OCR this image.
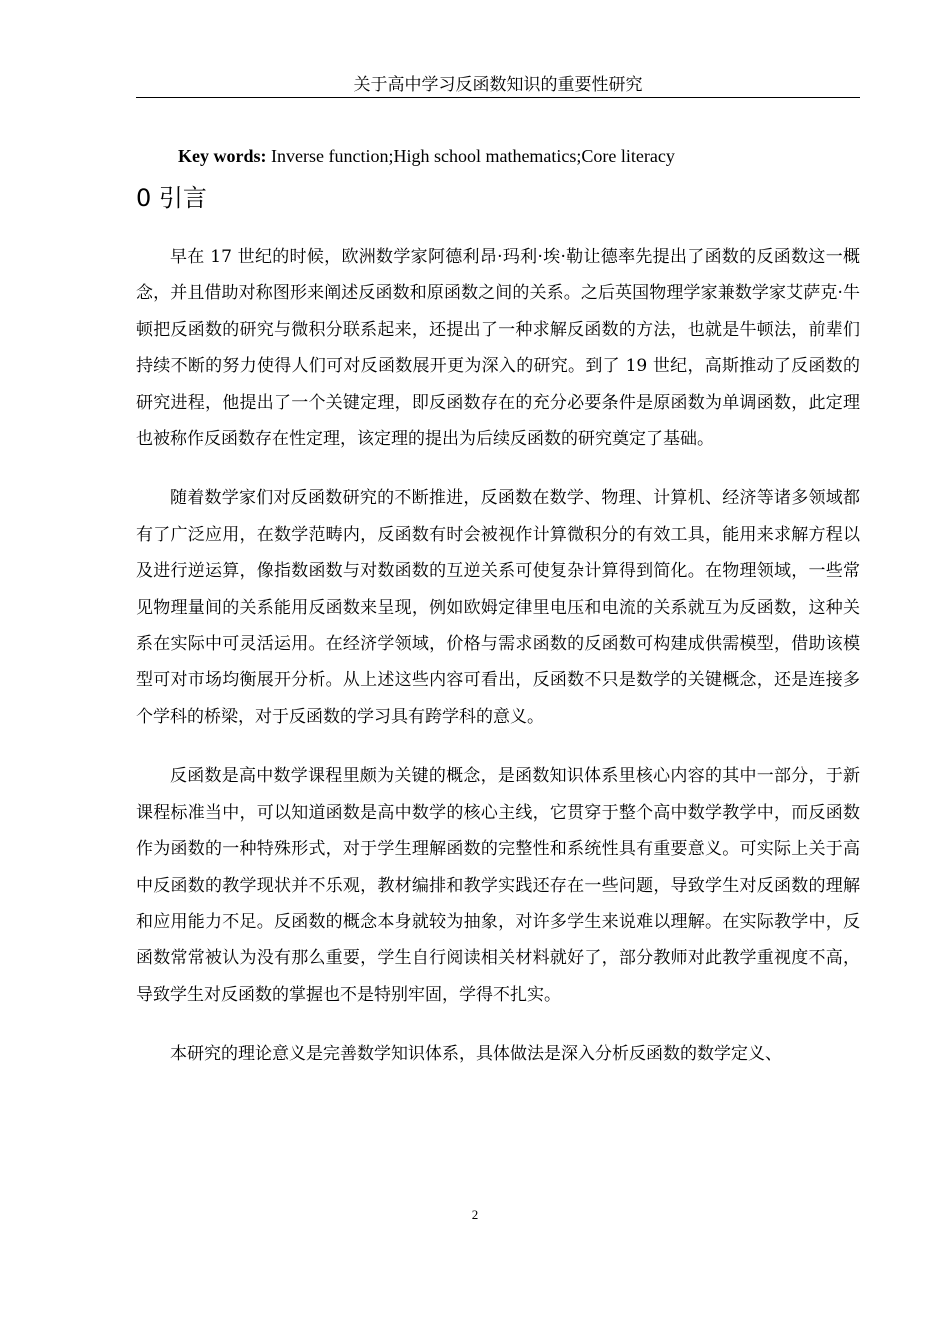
关于高中学习反函数知识的重要性研究
Key words: Inverse function;High school mathematics;Core literacy
0 引言

早在 17 世纪的时候，欧洲数学家阿德利昂·玛利·埃·勒让德率先提出了函数的反函数这一概念，并且借助对称图形来阐述反函数和原函数之间的关系。之后英国物理学家兼数学家艾萨克·牛顿把反函数的研究与微积分联系起来，还提出了一种求解反函数的方法，也就是牛顿法，前辈们持续不断的努力使得人们可对反函数展开更为深入的研究。到了 19 世纪，高斯推动了反函数的研究进程，他提出了一个关键定理，即反函数存在的充分必要条件是原函数为单调函数，此定理也被称作反函数存在性定理，该定理的提出为后续反函数的研究奠定了基础。

随着数学家们对反函数研究的不断推进，反函数在数学、物理、计算机、经济等诸多领域都有了广泛应用，在数学范畴内，反函数有时会被视作计算微积分的有效工具，能用来求解方程以及进行逆运算，像指数函数与对数函数的互逆关系可使复杂计算得到简化。在物理领域，一些常见物理量间的关系能用反函数来呈现，例如欧姆定律里电压和电流的关系就互为反函数，这种关系在实际中可灵活运用。在经济学领域，价格与需求函数的反函数可构建成供需模型，借助该模型可对市场均衡展开分析。从上述这些内容可看出，反函数不只是数学的关键概念，还是连接多个学科的桥梁，对于反函数的学习具有跨学科的意义。

反函数是高中数学课程里颇为关键的概念，是函数知识体系里核心内容的其中一部分，于新课程标准当中，可以知道函数是高中数学的核心主线，它贯穿于整个高中数学教学中，而反函数作为函数的一种特殊形式，对于学生理解函数的完整性和系统性具有重要意义。可实际上关于高中反函数的教学现状并不乐观，教材编排和教学实践还存在一些问题，导致学生对反函数的理解和应用能力不足。反函数的概念本身就较为抽象，对许多学生来说难以理解。在实际教学中，反函数常常被认为没有那么重要，学生自行阅读相关材料就好了，部分教师对此教学重视度不高，导致学生对反函数的掌握也不是特别牢固，学得不扎实。

本研究的理论意义是完善数学知识体系，具体做法是深入分析反函数的数学定义、

2
